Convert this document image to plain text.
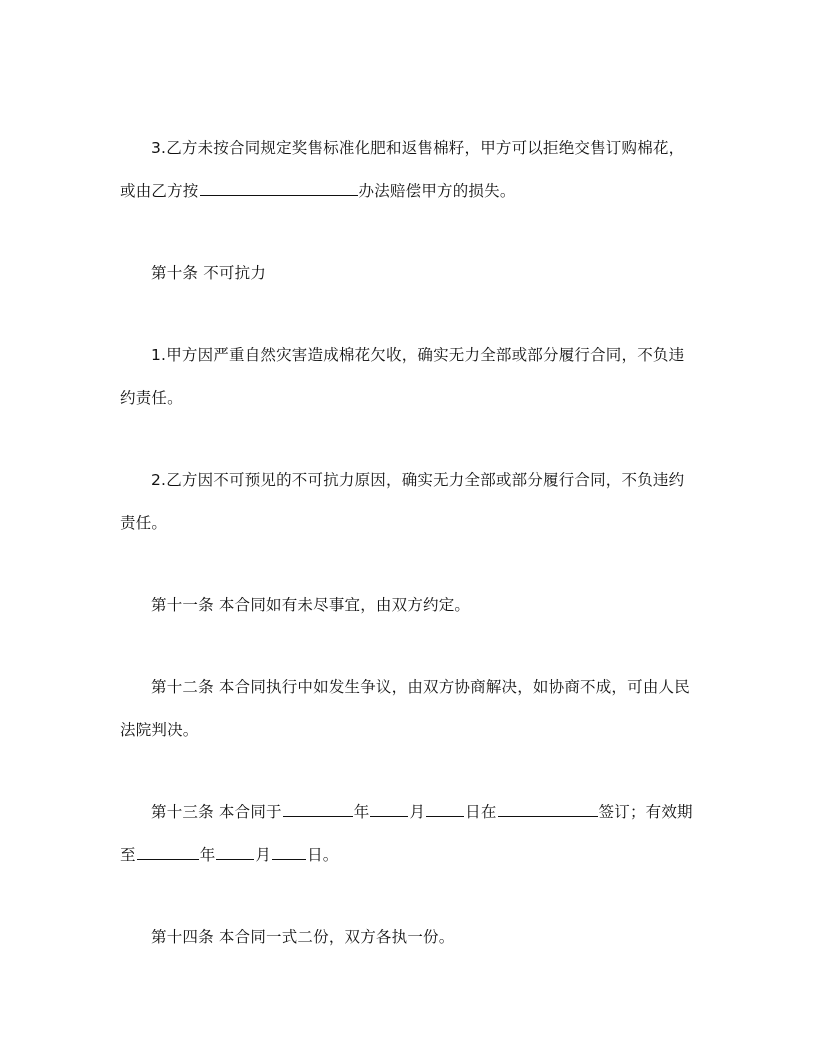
3.乙方未按合同规定奖售标准化肥和返售棉籽，甲方可以拒绝交售订购棉花，
或由乙方按	办法赔偿甲方的损失。
第十条 不可抗力
1.甲方因严重自然灾害造成棉花欠收，确实无力全部或部分履行合同，不负违
约责任。
2.乙方因不可预见的不可抗力原因，确实无力全部或部分履行合同，不负违约
责任。
第十一条 本合同如有未尽事宜，由双方约定。
第十二条 本合同执行中如发生争议，由双方协商解决，如协商不成，可由人民
法院判决。
第十三条 本合同于	年	月	日在	签订；有效期
至	年	月 日。
第十四条 本合同一式二份，双方各执一份。
